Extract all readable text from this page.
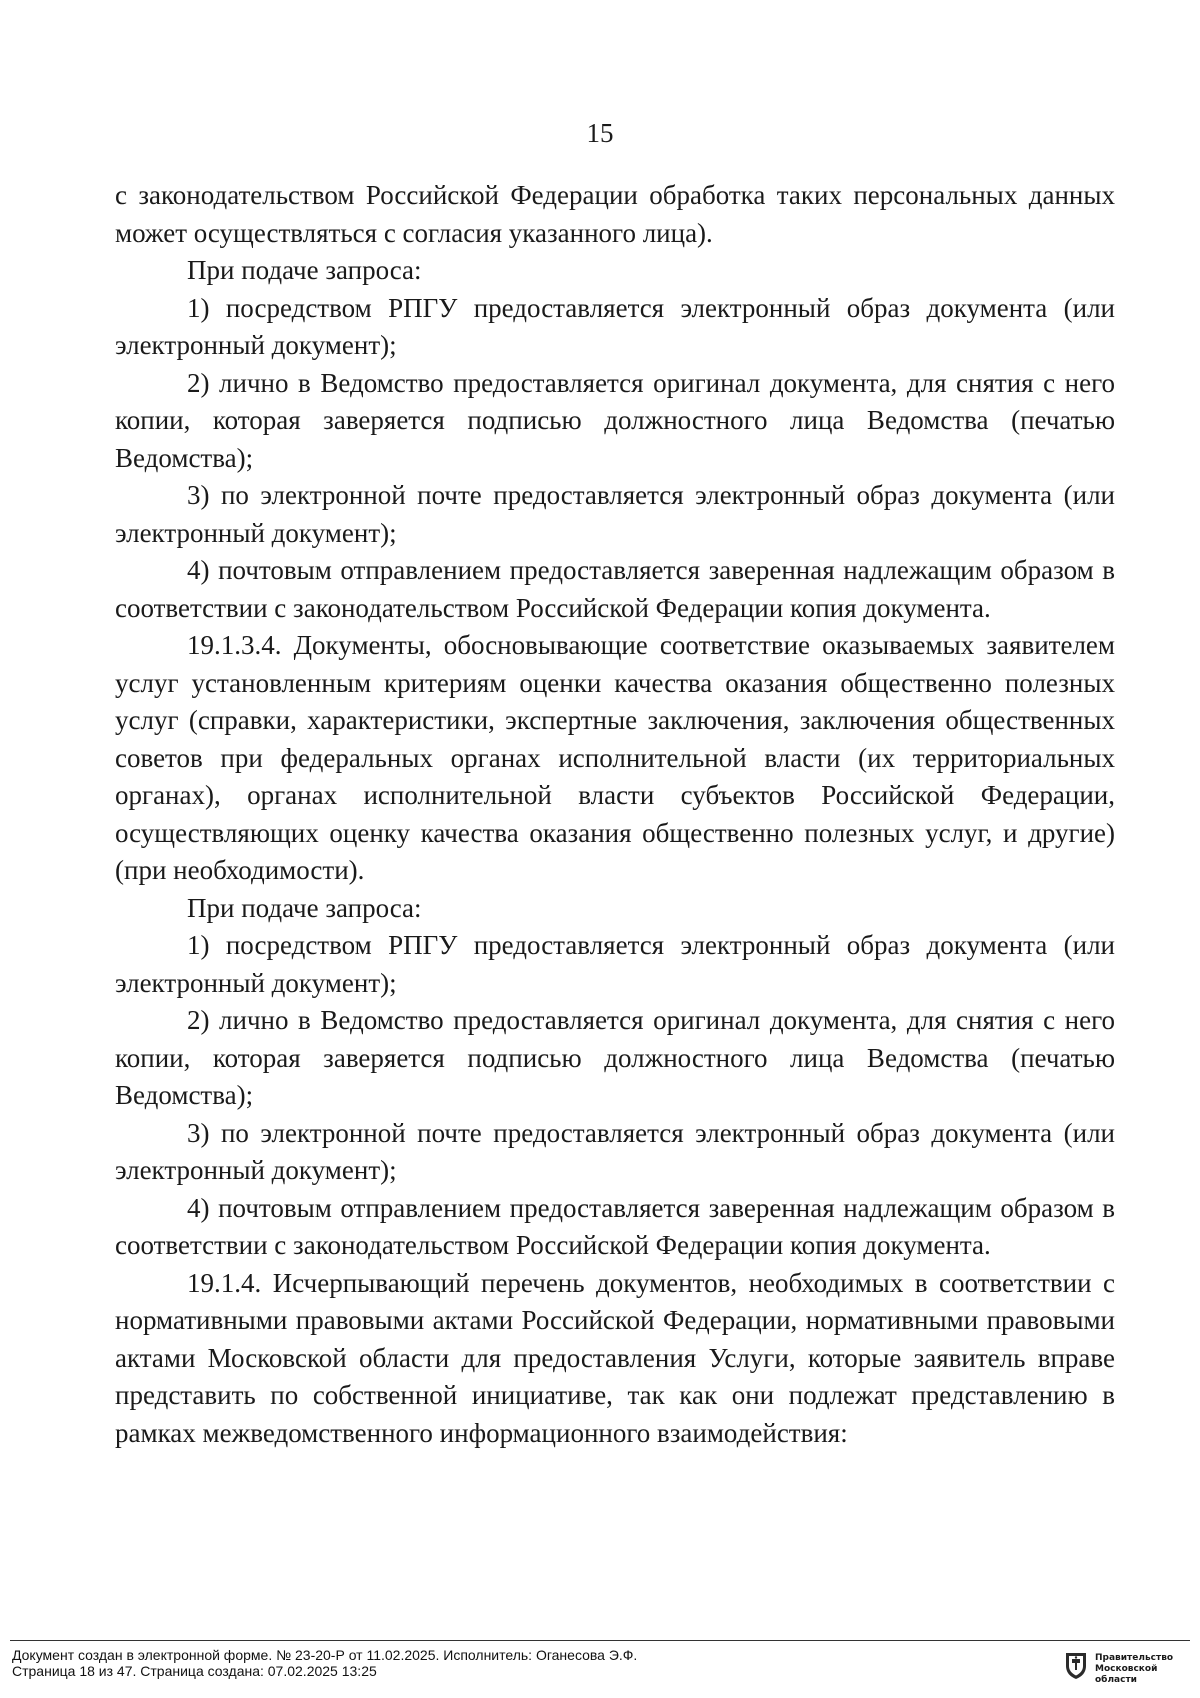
15

с законодательством Российской Федерации обработка таких персональных данных может осуществляться с согласия указанного лица).

При подаче запроса:

1) посредством РПГУ предоставляется электронный образ документа (или электронный документ);

2) лично в Ведомство предоставляется оригинал документа, для снятия с него копии, которая заверяется подписью должностного лица Ведомства (печатью Ведомства);

3) по электронной почте предоставляется электронный образ документа (или электронный документ);

4) почтовым отправлением предоставляется заверенная надлежащим образом в соответствии с законодательством Российской Федерации копия документа.

19.1.3.4. Документы, обосновывающие соответствие оказываемых заявителем услуг установленным критериям оценки качества оказания общественно полезных услуг (справки, характеристики, экспертные заключения, заключения общественных советов при федеральных органах исполнительной власти (их территориальных органах), органах исполнительной власти субъектов Российской Федерации, осуществляющих оценку качества оказания общественно полезных услуг, и другие) (при необходимости).

При подаче запроса:

1) посредством РПГУ предоставляется электронный образ документа (или электронный документ);

2) лично в Ведомство предоставляется оригинал документа, для снятия с него копии, которая заверяется подписью должностного лица Ведомства (печатью Ведомства);

3) по электронной почте предоставляется электронный образ документа (или электронный документ);

4) почтовым отправлением предоставляется заверенная надлежащим образом в соответствии с законодательством Российской Федерации копия документа.

19.1.4. Исчерпывающий перечень документов, необходимых в соответствии с нормативными правовыми актами Российской Федерации, нормативными правовыми актами Московской области для предоставления Услуги, которые заявитель вправе представить по собственной инициативе, так как они подлежат представлению в рамках межведомственного информационного взаимодействия:

Документ создан в электронной форме. № 23-20-Р от 11.02.2025. Исполнитель: Оганесова Э.Ф.
Страница 18 из 47. Страница создана: 07.02.2025 13:25
Правительство
Московской области
